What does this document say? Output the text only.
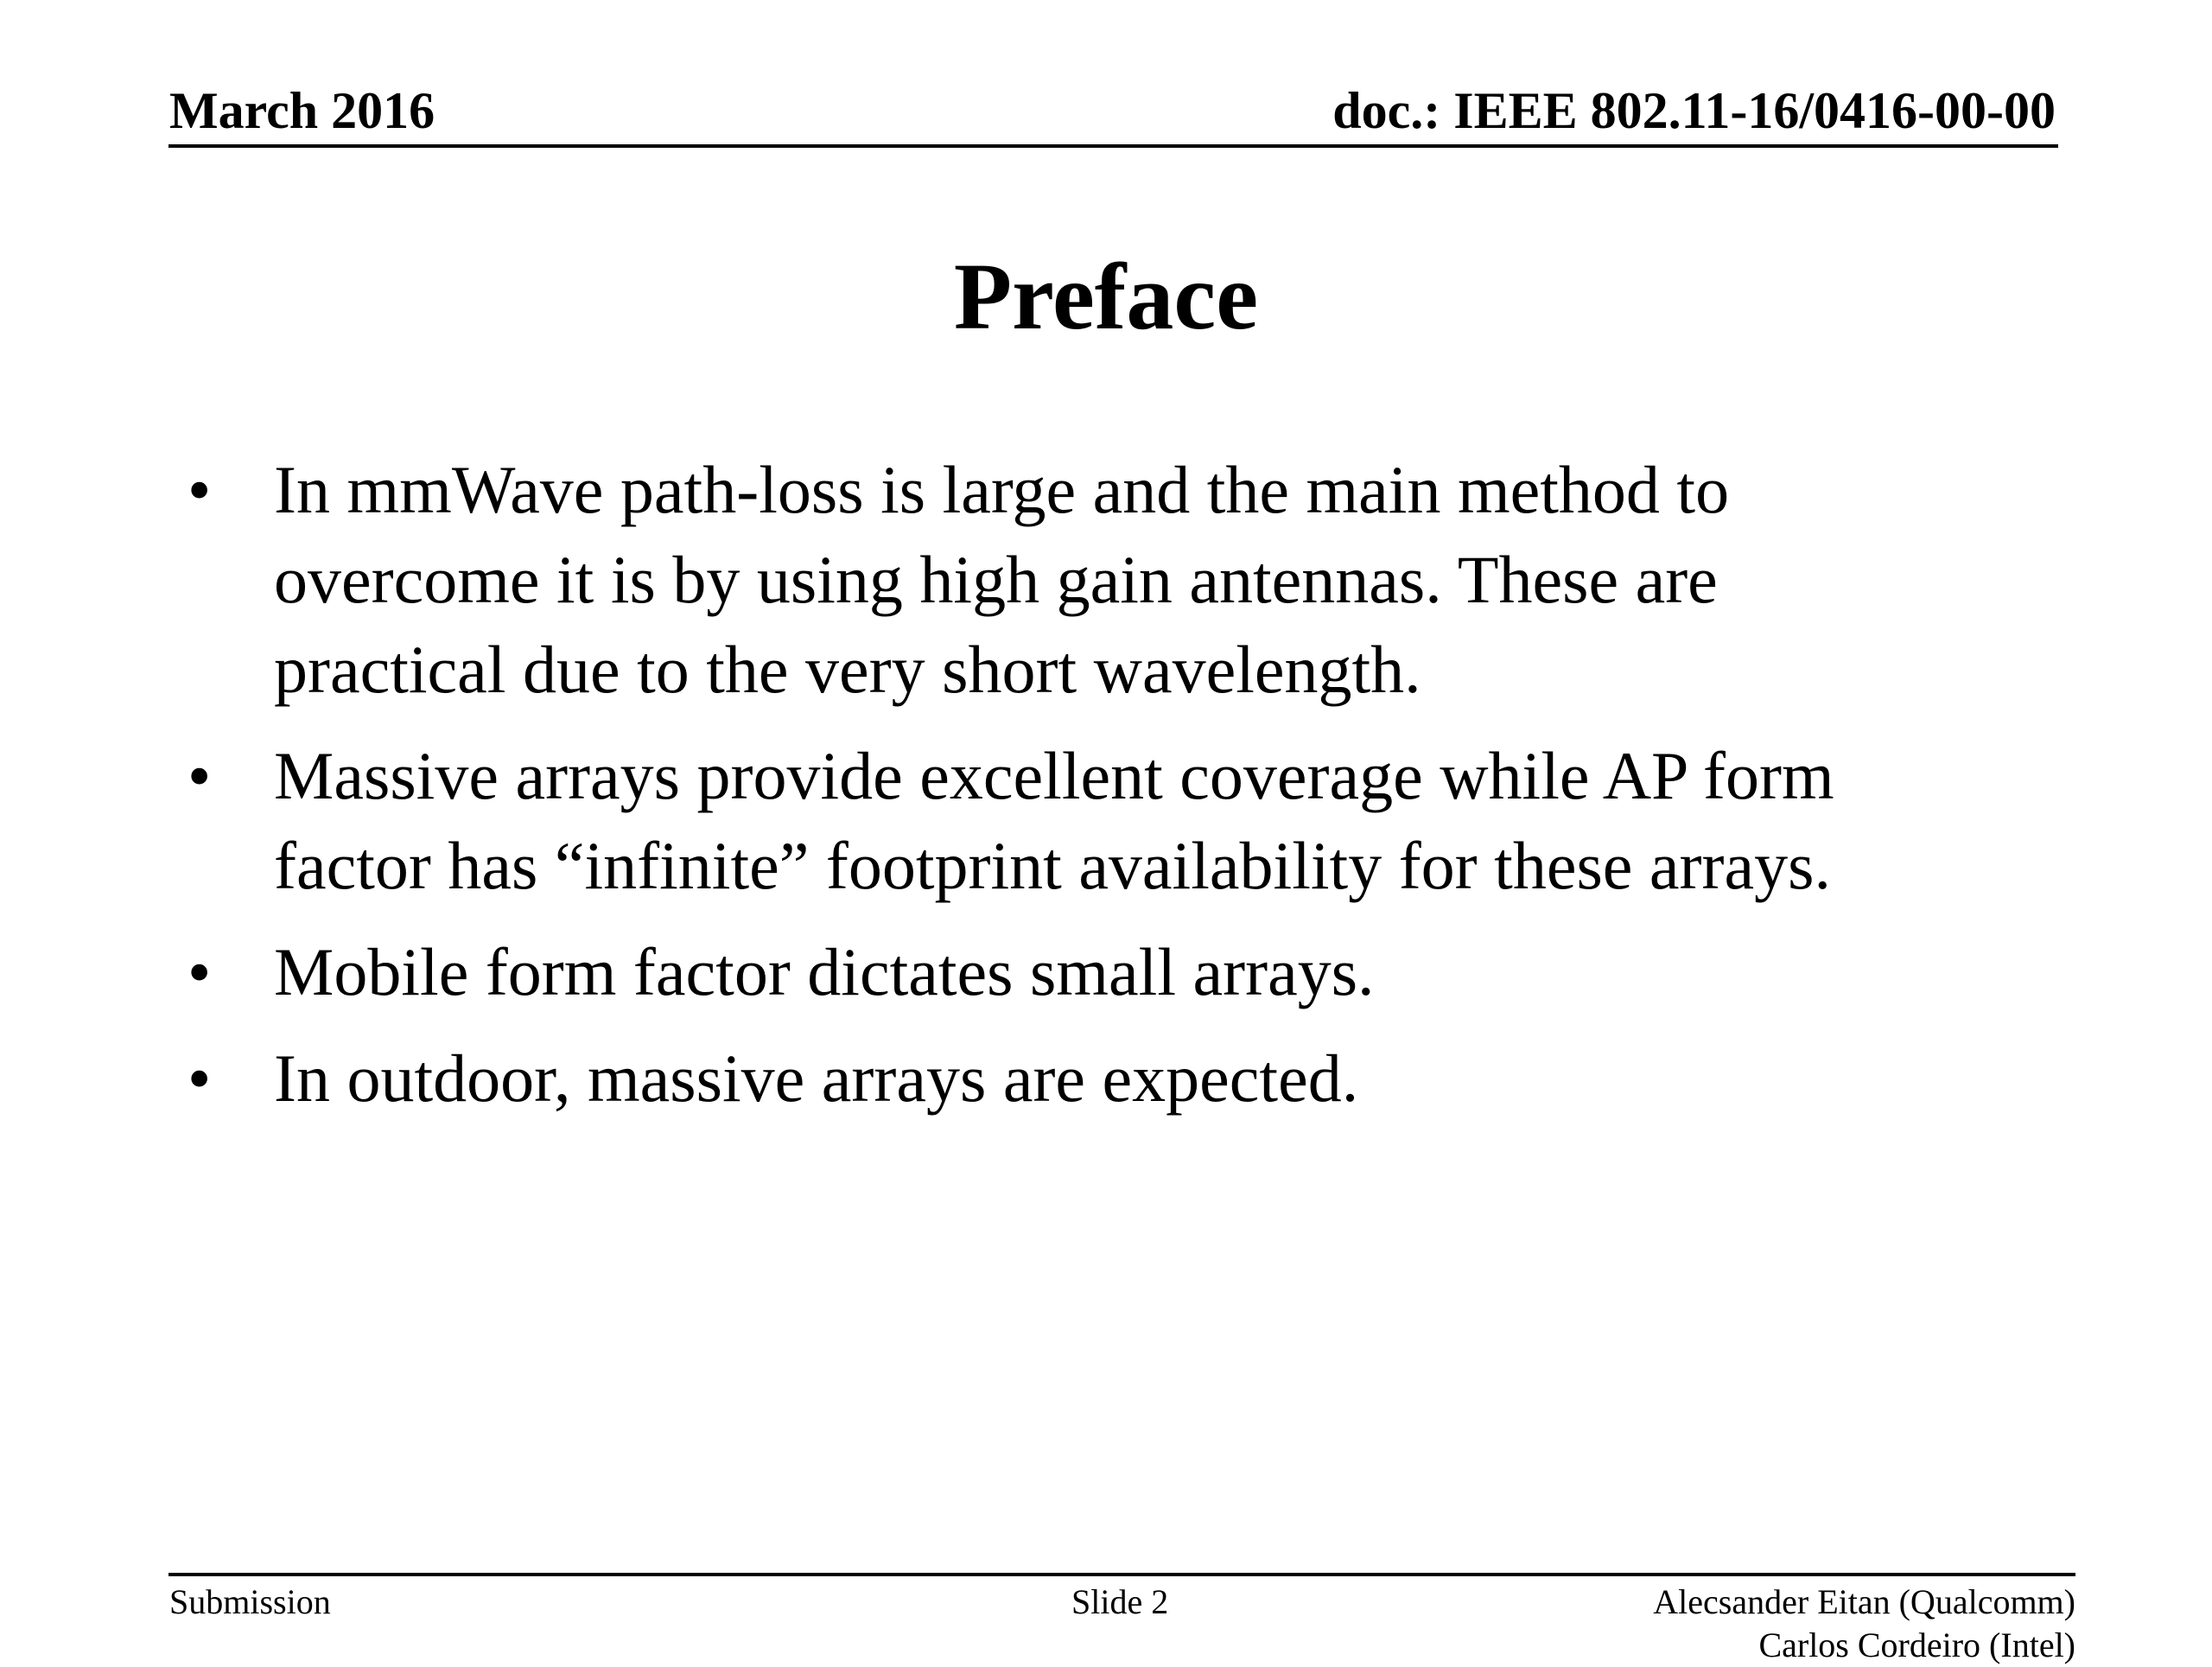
March 2016	doc.: IEEE 802.11-16/0416-00-00
Preface
• In mmWave path-loss is large and the main method to
overcome it is by using high gain antennas. These are
practical due to the very short wavelength.
• Massive arrays provide excellent coverage while AP form
factor has “infinite” footprint availability for these arrays.
• Mobile form factor dictates small arrays.
• In outdoor, massive arrays are expected.
Submission	Slide 2	Alecsander Eitan (Qualcomm)
Carlos Cordeiro (Intel)
